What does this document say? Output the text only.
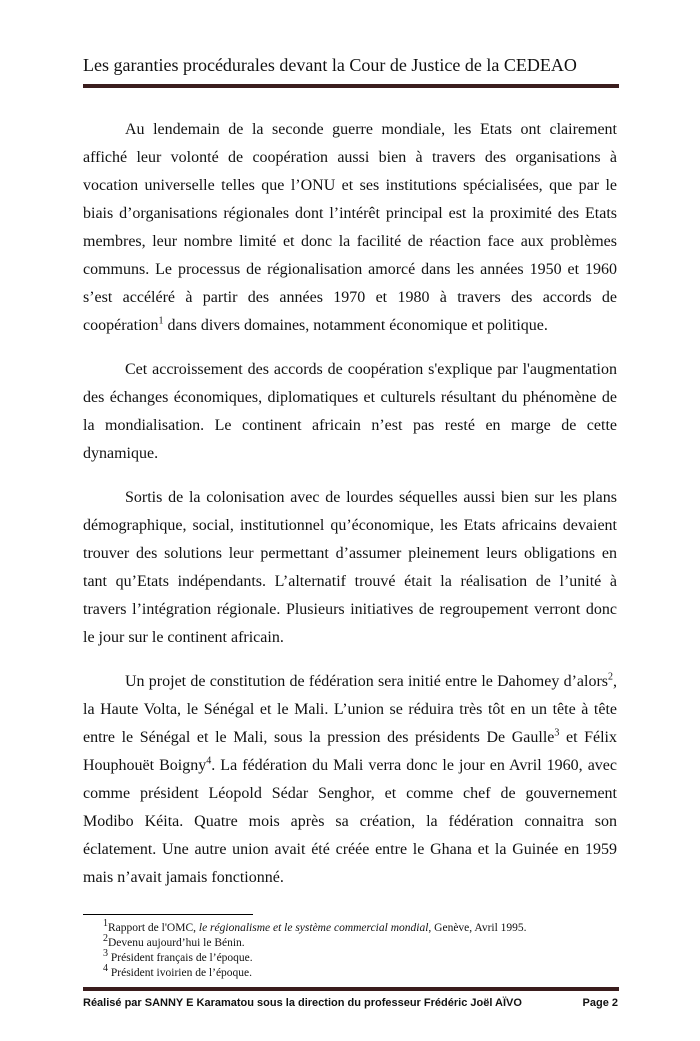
Les garanties procédurales devant la Cour de Justice de la CEDEAO

Au lendemain de la seconde guerre mondiale, les Etats ont clairement affiché leur volonté de coopération aussi bien à travers des organisations à vocation universelle telles que l’ONU et ses institutions spécialisées, que par le biais d’organisations régionales dont l’intérêt principal est la proximité des Etats membres, leur nombre limité et donc la facilité de réaction face aux problèmes communs. Le processus de régionalisation amorcé dans les années 1950 et 1960 s’est accéléré à partir des années 1970 et 1980 à travers des accords de coopération$^1$ dans divers domaines, notamment économique et politique.

Cet accroissement des accords de coopération s'explique par l'augmentation des échanges économiques, diplomatiques et culturels résultant du phénomène de la mondialisation. Le continent africain n’est pas resté en marge de cette dynamique.

Sortis de la colonisation avec de lourdes séquelles aussi bien sur les plans démographique, social, institutionnel qu’économique, les Etats africains devaient trouver des solutions leur permettant d’assumer pleinement leurs obligations en tant qu’Etats indépendants. L’alternatif trouvé était la réalisation de l’unité à travers l’intégration régionale. Plusieurs initiatives de regroupement verront donc le jour sur le continent africain.

Un projet de constitution de fédération sera initié entre le Dahomey d’alors$^2$, la Haute Volta, le Sénégal et le Mali. L’union se réduira très tôt en un tête à tête entre le Sénégal et le Mali, sous la pression des présidents De Gaulle$^3$ et Félix Houphouët Boigny$^4$. La fédération du Mali verra donc le jour en Avril 1960, avec comme président Léopold Sédar Senghor, et comme chef de gouvernement Modibo Kéita. Quatre mois après sa création, la fédération connaitra son éclatement. Une autre union avait été créée entre le Ghana et la Guinée en 1959 mais n’avait jamais fonctionné.

$^1$Rapport de l'OMC, le régionalisme et le système commercial mondial, Genève, Avril 1995.
$^2$Devenu aujourd’hui le Bénin.
$^3$ Président français de l’époque.
$^4$ Président ivoirien de l’époque.
Réalisé par SANNY E Karamatou sous la direction du professeur Frédéric Joël AÏVO	Page 2
